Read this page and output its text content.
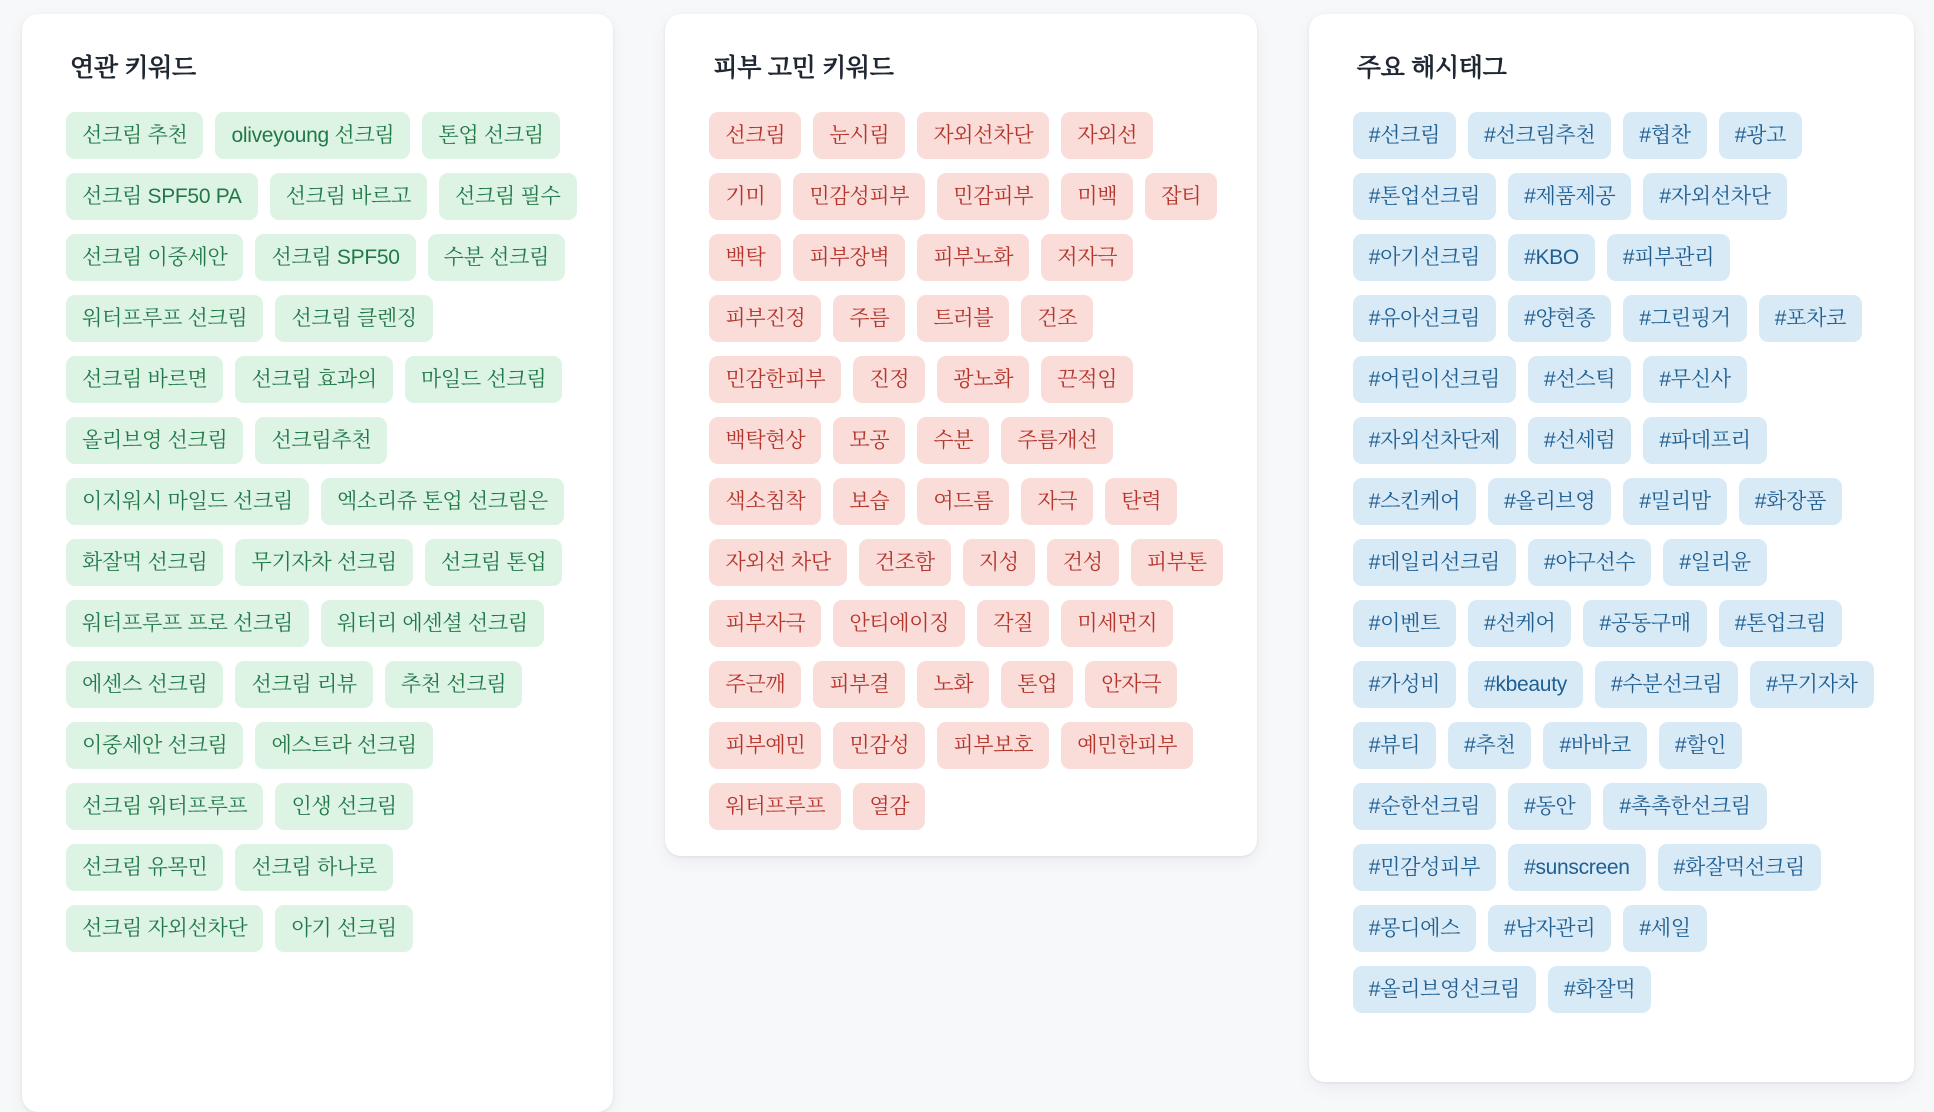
연관 키워드
선크림 추천	oliveyoung 선크림	톤업 선크림
선크림 SPF50 PA	선크림 바르고	선크림 필수
선크림 이중세안	선크림 SPF50	수분 선크림
워터프루프 선크림	선크림 클렌징
선크림 바르면	선크림 효과의	마일드 선크림
올리브영 선크림	선크림추천
이지워시 마일드 선크림	엑소리쥬 톤업 선크림은
화잘먹 선크림	무기자차 선크림	선크림 톤업
워터프루프 프로 선크림	워터리 에센셜 선크림
에센스 선크림	선크림 리뷰	추천 선크림
이중세안 선크림	에스트라 선크림
선크림 워터프루프	인생 선크림
선크림 유목민	선크림 하나로
선크림 자외선차단	아기 선크림
피부 고민 키워드
선크림	눈시림	자외선차단	자외선
기미	민감성피부	민감피부	미백	잡티
백탁	피부장벽	피부노화	저자극
피부진정	주름	트러블	건조
민감한피부	진정	광노화	끈적임
백탁현상	모공	수분	주름개선
색소침착	보습	여드름	자극	탄력
자외선 차단	건조함	지성	건성	피부톤
피부자극	안티에이징	각질	미세먼지
주근깨	피부결	노화	톤업	안자극
피부예민	민감성	피부보호	예민한피부
워터프루프	열감
주요 해시태그
#선크림	#선크림추천	#협찬	#광고
#톤업선크림	#제품제공	#자외선차단
#아기선크림	#KBO	#피부관리
#유아선크림	#양현종	#그린핑거	#포차코
#어린이선크림	#선스틱	#무신사
#자외선차단제	#선세럼	#파데프리
#스킨케어	#올리브영	#밀리맘	#화장품
#데일리선크림	#야구선수	#일리윤
#이벤트	#선케어	#공동구매	#톤업크림
#가성비	#kbeauty	#수분선크림	#무기자차
#뷰티	#추천	#바바코	#할인
#순한선크림	#동안	#촉촉한선크림
#민감성피부	#sunscreen	#화잘먹선크림
#몽디에스	#남자관리	#세일
#올리브영선크림	#화잘먹
